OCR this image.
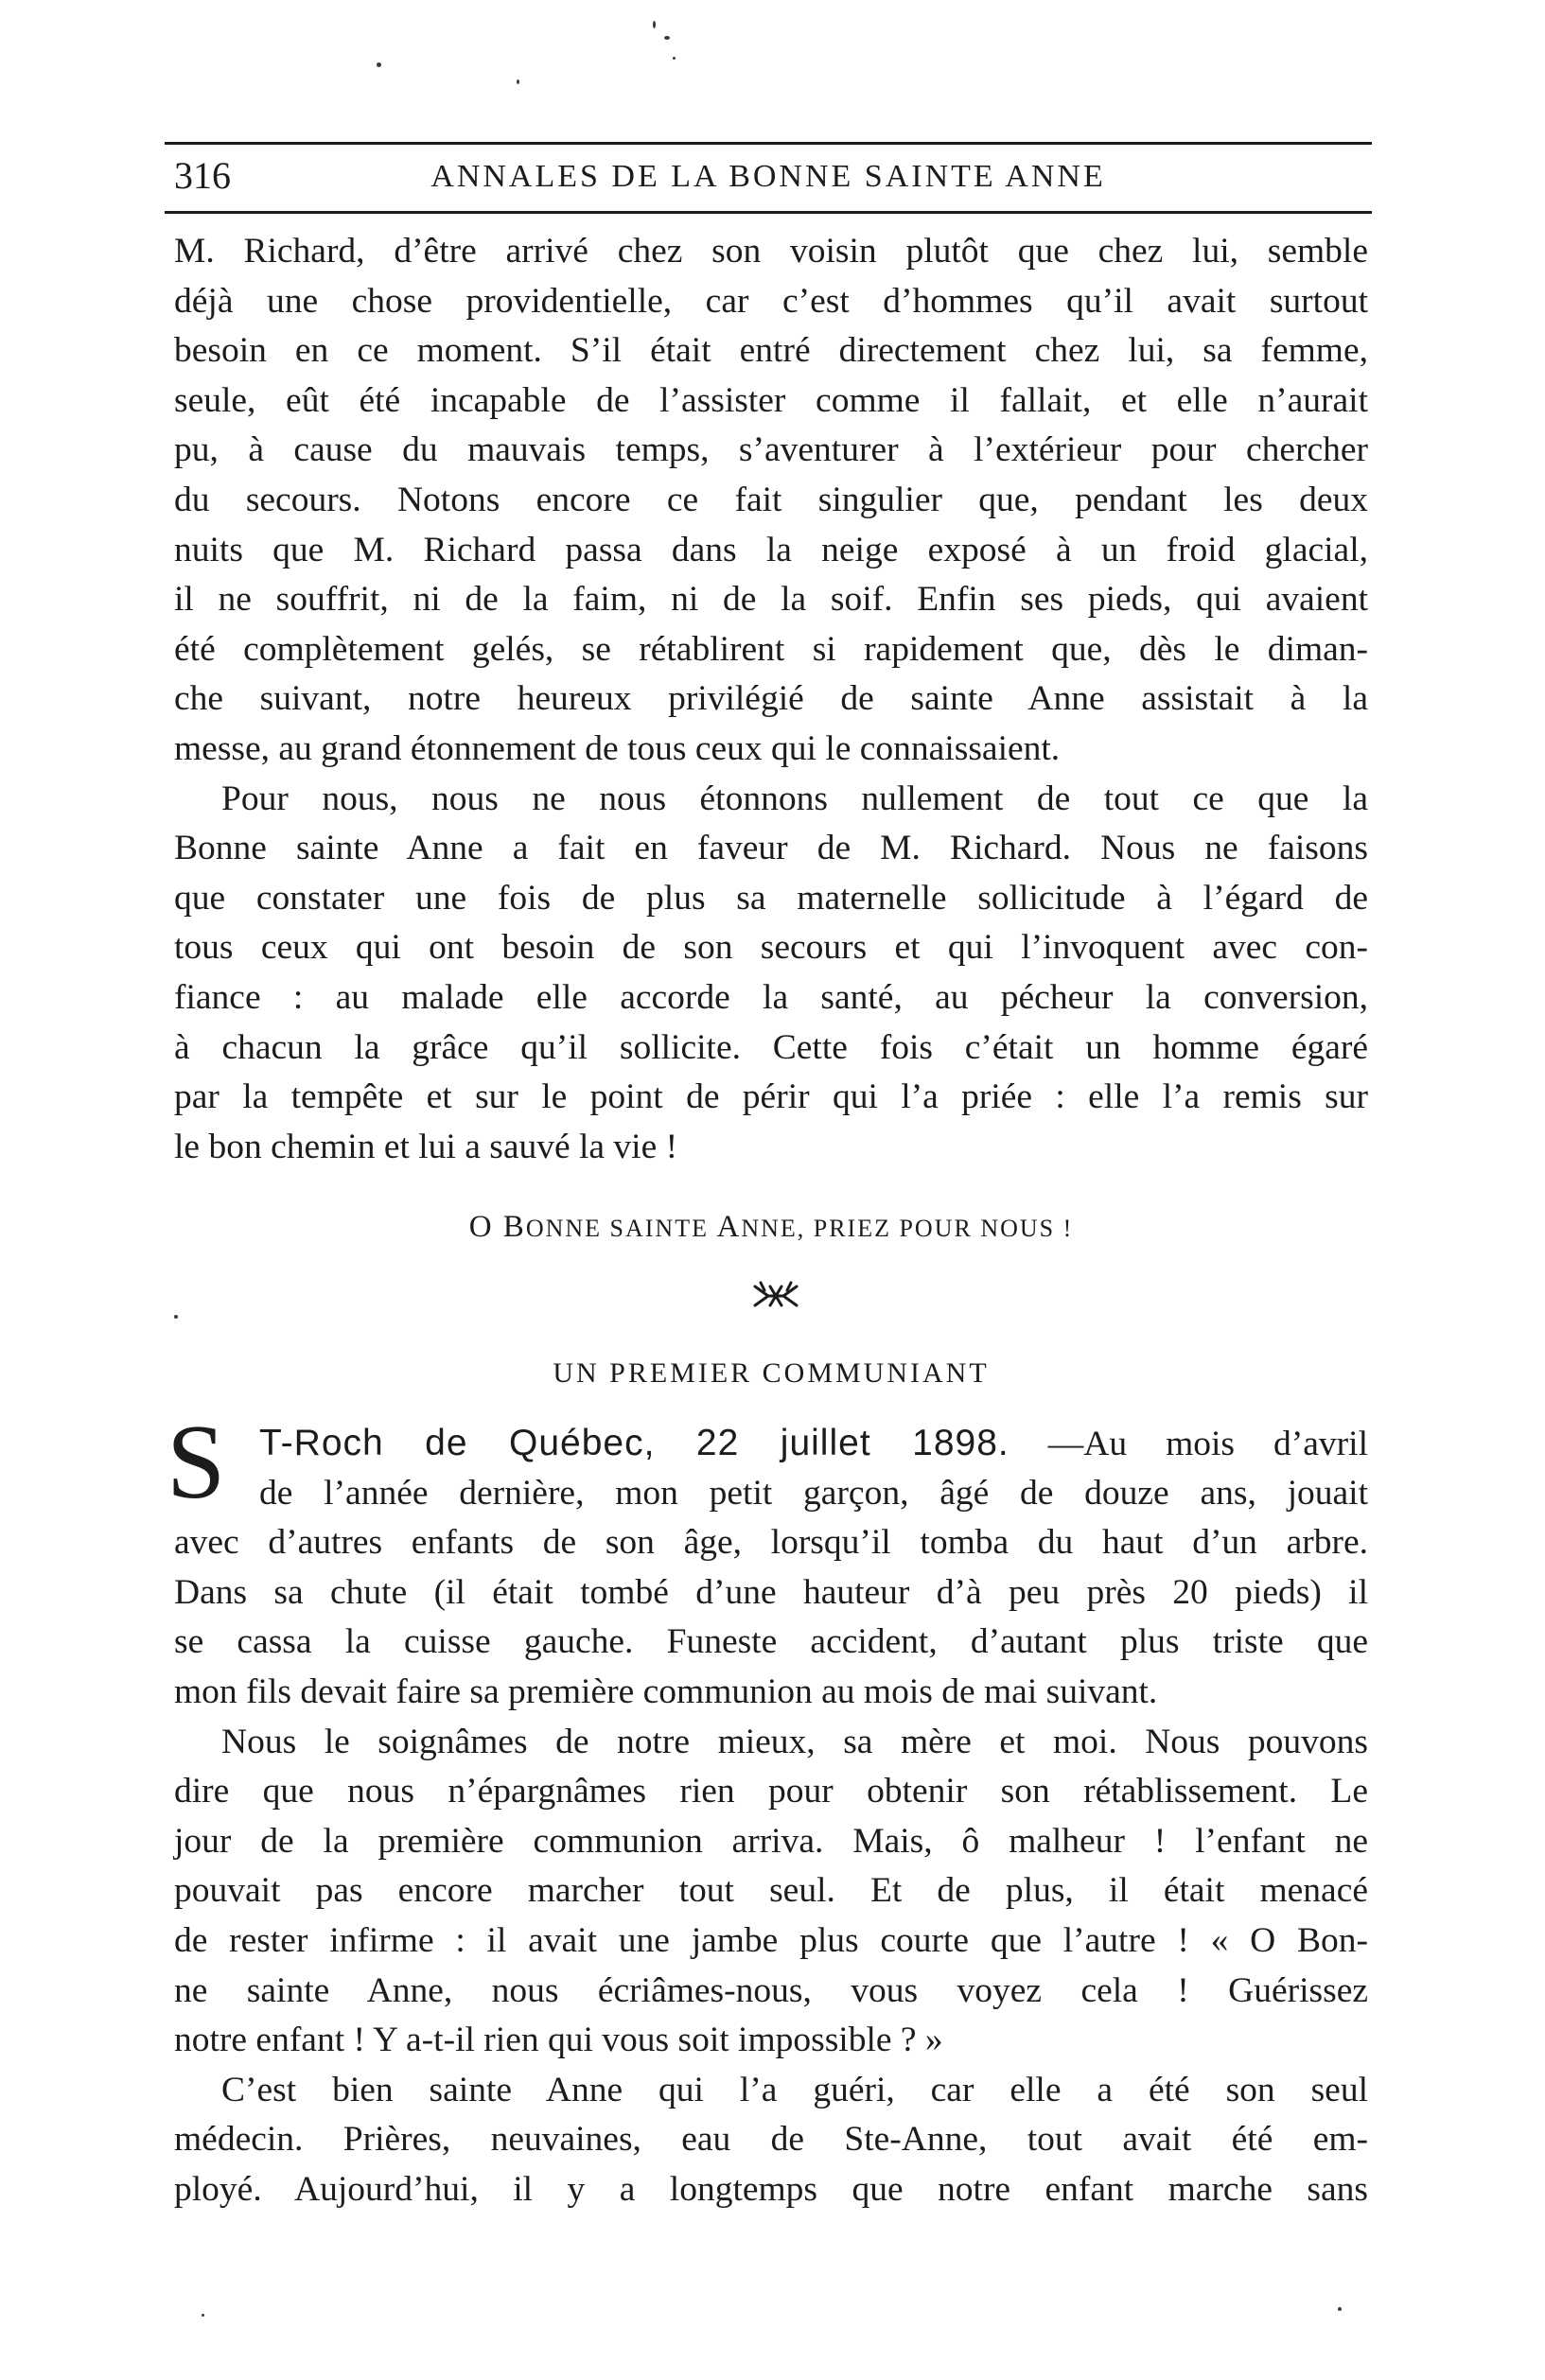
316	ANNALES DE LA BONNE SAINTE ANNE
M. Richard, d’être arrivé chez son voisin plutôt que chez lui, semble
déjà une chose providentielle, car c’est d’hommes qu’il avait surtout
besoin en ce moment. S’il était entré directement chez lui, sa femme,
seule, eût été incapable de l’assister comme il fallait, et elle n’aurait
pu, à cause du mauvais temps, s’aventurer à l’extérieur pour chercher
du secours. Notons encore ce fait singulier que, pendant les deux
nuits que M. Richard passa dans la neige exposé à un froid glacial,
il ne souffrit, ni de la faim, ni de la soif. Enfin ses pieds, qui avaient
été complètement gelés, se rétablirent si rapidement que, dès le diman-
che suivant, notre heureux privilégié de sainte Anne assistait à la
messe, au grand étonnement de tous ceux qui le connaissaient.
Pour nous, nous ne nous étonnons nullement de tout ce que la
Bonne sainte Anne a fait en faveur de M. Richard. Nous ne faisons
que constater une fois de plus sa maternelle sollicitude à l’égard de
tous ceux qui ont besoin de son secours et qui l’invoquent avec con-
fiance : au malade elle accorde la santé, au pécheur la conversion,
à chacun la grâce qu’il sollicite. Cette fois c’était un homme égaré
par la tempête et sur le point de périr qui l’a priée : elle l’a remis sur
le bon chemin et lui a sauvé la vie !
O BONNE SAINTE ANNE, PRIEZ POUR NOUS !
UN PREMIER COMMUNIANT
S T-Roch de Québec, 22 juillet 1898. —Au mois d’avril
de l’année dernière, mon petit garçon, âgé de douze ans, jouait
avec d’autres enfants de son âge, lorsqu’il tomba du haut d’un arbre.
Dans sa chute (il était tombé d’une hauteur d’à peu près 20 pieds) il
se cassa la cuisse gauche. Funeste accident, d’autant plus triste que
mon fils devait faire sa première communion au mois de mai suivant.
Nous le soignâmes de notre mieux, sa mère et moi. Nous pouvons
dire que nous n’épargnâmes rien pour obtenir son rétablissement. Le
jour de la première communion arriva. Mais, ô malheur ! l’enfant ne
pouvait pas encore marcher tout seul. Et de plus, il était menacé
de rester infirme : il avait une jambe plus courte que l’autre ! « O Bon-
ne sainte Anne, nous écriâmes-nous, vous voyez cela ! Guérissez
notre enfant ! Y a-t-il rien qui vous soit impossible ? »
C’est bien sainte Anne qui l’a guéri, car elle a été son seul
médecin. Prières, neuvaines, eau de Ste-Anne, tout avait été em-
ployé. Aujourd’hui, il y a longtemps que notre enfant marche sans
